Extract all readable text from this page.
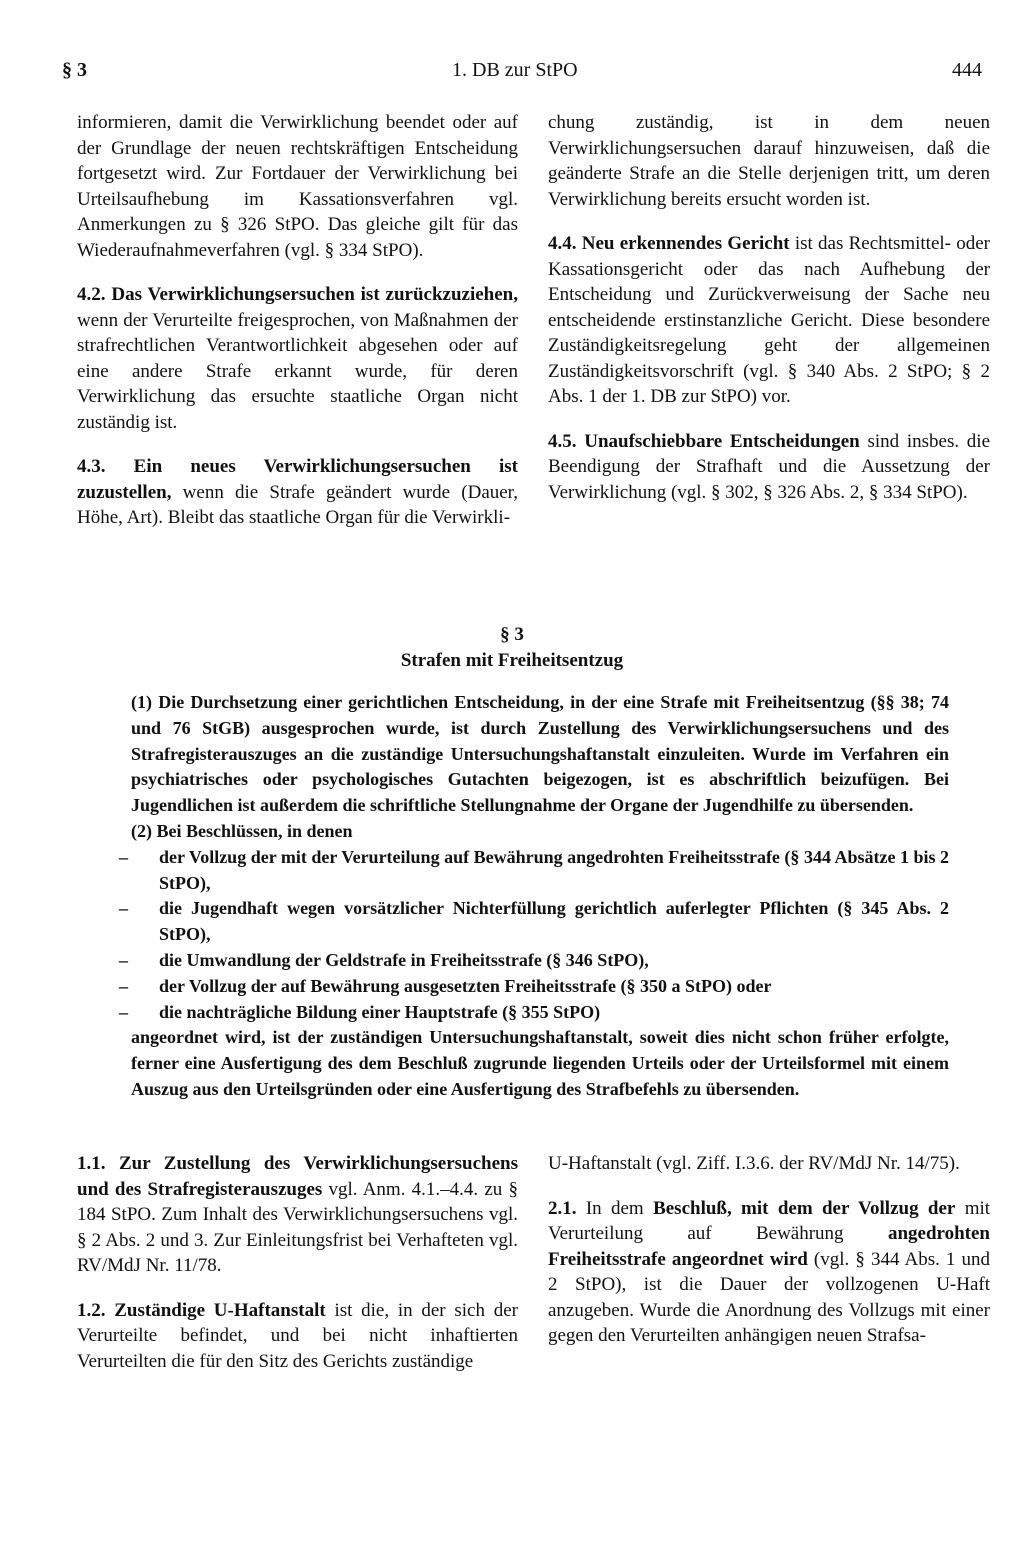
§ 3	1. DB zur StPO	444

informieren, damit die Verwirklichung beendet oder auf der Grundlage der neuen rechtskräftigen Entscheidung fortgesetzt wird. Zur Fortdauer der Verwirklichung bei Urteilsaufhebung im Kassationsverfahren vgl. Anmerkungen zu § 326 StPO. Das gleiche gilt für das Wiederaufnahmeverfahren (vgl. § 334 StPO).

4.2. Das Verwirklichungsersuchen ist zurückzuziehen, wenn der Verurteilte freigesprochen, von Maßnahmen der strafrechtlichen Verantwortlichkeit abgesehen oder auf eine andere Strafe erkannt wurde, für deren Verwirklichung das ersuchte staatliche Organ nicht zuständig ist.

4.3. Ein neues Verwirklichungsersuchen ist zuzustellen, wenn die Strafe geändert wurde (Dauer, Höhe, Art). Bleibt das staatliche Organ für die Verwirkli-

chung zuständig, ist in dem neuen Verwirklichungsersuchen darauf hinzuweisen, daß die geänderte Strafe an die Stelle derjenigen tritt, um deren Verwirklichung bereits ersucht worden ist.

4.4. Neu erkennendes Gericht ist das Rechtsmittel- oder Kassationsgericht oder das nach Aufhebung der Entscheidung und Zurückverweisung der Sache neu entscheidende erstinstanzliche Gericht. Diese besondere Zuständigkeitsregelung geht der allgemeinen Zuständigkeitsvorschrift (vgl. § 340 Abs. 2 StPO; § 2 Abs. 1 der 1. DB zur StPO) vor.

4.5. Unaufschiebbare Entscheidungen sind insbes. die Beendigung der Strafhaft und die Aussetzung der Verwirklichung (vgl. § 302, § 326 Abs. 2, § 334 StPO).

§ 3
Strafen mit Freiheitsentzug

(1) Die Durchsetzung einer gerichtlichen Entscheidung, in der eine Strafe mit Freiheitsentzug (§§ 38; 74 und 76 StGB) ausgesprochen wurde, ist durch Zustellung des Verwirklichungsersuchens und des Strafregisterauszuges an die zuständige Untersuchungshaftanstalt einzuleiten. Wurde im Verfahren ein psychiatrisches oder psychologisches Gutachten beigezogen, ist es abschriftlich beizufügen. Bei Jugendlichen ist außerdem die schriftliche Stellungnahme der Organe der Jugendhilfe zu übersenden.

(2) Bei Beschlüssen, in denen

– der Vollzug der mit der Verurteilung auf Bewährung angedrohten Freiheitsstrafe (§ 344 Absätze 1 bis 2 StPO),
– die Jugendhaft wegen vorsätzlicher Nichterfüllung gerichtlich auferlegter Pflichten (§ 345 Abs. 2 StPO),
– die Umwandlung der Geldstrafe in Freiheitsstrafe (§ 346 StPO),
– der Vollzug der auf Bewährung ausgesetzten Freiheitsstrafe (§ 350 a StPO) oder
– die nachträgliche Bildung einer Hauptstrafe (§ 355 StPO)

angeordnet wird, ist der zuständigen Untersuchungshaftanstalt, soweit dies nicht schon früher erfolgte, ferner eine Ausfertigung des dem Beschluß zugrunde liegenden Urteils oder der Urteilsformel mit einem Auszug aus den Urteilsgründen oder eine Ausfertigung des Strafbefehls zu übersenden.

1.1. Zur Zustellung des Verwirklichungsersuchens und des Strafregisterauszuges vgl. Anm. 4.1.–4.4. zu § 184 StPO. Zum Inhalt des Verwirklichungsersuchens vgl. § 2 Abs. 2 und 3. Zur Einleitungsfrist bei Verhafteten vgl. RV/MdJ Nr. 11/78.

1.2. Zuständige U-Haftanstalt ist die, in der sich der Verurteilte befindet, und bei nicht inhaftierten Verurteilten die für den Sitz des Gerichts zuständige

U-Haftanstalt (vgl. Ziff. I.3.6. der RV/MdJ Nr. 14/75).

2.1. In dem Beschluß, mit dem der Vollzug der mit Verurteilung auf Bewährung angedrohten Freiheitsstrafe angeordnet wird (vgl. § 344 Abs. 1 und 2 StPO), ist die Dauer der vollzogenen U-Haft anzugeben. Wurde die Anordnung des Vollzugs mit einer gegen den Verurteilten anhängigen neuen Strafsa-
